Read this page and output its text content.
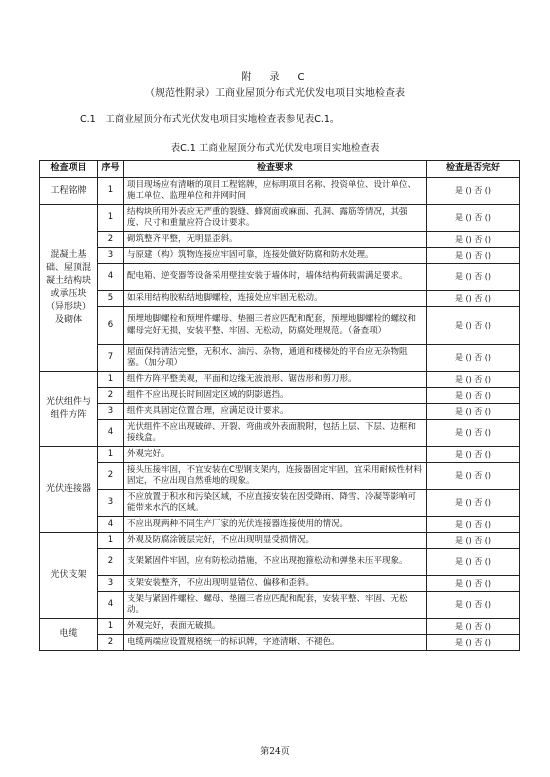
附　录　C
（规范性附录）工商业屋顶分布式光伏发电项目实地检查表
C.1　工商业屋顶分布式光伏发电项目实地检查表参见表C.1。
表C.1 工商业屋顶分布式光伏发电项目实地检查表
检查项目	序号	检查要求	检查是否完好
工程铭牌	1	项目现场应有清晰的项目工程铭牌，应标明项目名称、投资单位、设计单位、施工单位、监理单位和并网时间	是 () 否 ()
混凝土基础、屋顶混凝土结构块或承压块（异形块）及砌体	1	结构块所用外表应无严重的裂缝、蜂窝面或麻面、孔洞、露筋等情况，其强度、尺寸和重量应符合设计要求。	是 () 否 ()
	2	砌筑整齐平整，无明显歪斜。	是 () 否 ()
	3	与原建（构）筑物连接应牢固可靠，连接处做好防腐和防水处理。	是 () 否 ()
	4	配电箱、逆变器等设备采用壁挂安装于墙体时，墙体结构荷载需满足要求。	是 () 否 ()
	5	如采用结构胶粘结地脚螺栓，连接处应牢固无松动。	是 () 否 ()
	6	预埋地脚螺栓和预埋件螺母、垫圈三者应匹配和配套，预埋地脚螺栓的螺纹和螺母完好无损，安装平整、牢固、无松动，防腐处理规范。（备查项）	是 () 否 ()
	7	屋面保持清洁完整，无积水、油污、杂物，通道和楼梯处的平台应无杂物阻塞。（加分项）	是 () 否 ()
光伏组件与组件方阵	1	组件方阵平整美观，平面和边缘无波浪形、锯齿形和剪刀形。	是 () 否 ()
	2	组件不应出现长时间固定区域的阴影遮挡。	是 () 否 ()
	3	组件夹具固定位置合理，应满足设计要求。	是 () 否 ()
	4	光伏组件不应出现破碎、开裂、弯曲或外表面脱附，包括上层、下层、边框和接线盒。	是 () 否 ()
光伏连接器	1	外观完好。	是 () 否 ()
	2	接头压接牢固，不宜安装在C型钢支架内，连接器固定牢固，宜采用耐候性材料固定，不应出现自然垂地的现象。	是 () 否 ()
	3	不应放置于积水和污染区域，不应直接安装在因受降雨、降雪、冷凝等影响可能带来水汽的区域。	是 () 否 ()
	4	不应出现两种不同生产厂家的光伏连接器连接使用的情况。	是 () 否 ()
光伏支架	1	外观及防腐涂镀层完好，不应出现明显受损情况。	是 () 否 ()
	2	支架紧固件牢固，应有防松动措施，不应出现抱箍松动和弹垫未压平现象。	是 () 否 ()
	3	支架安装整齐，不应出现明显错位、偏移和歪斜。	是 () 否 ()
	4	支架与紧固件螺栓、螺母、垫圈三者应匹配和配套，安装平整、牢固、无松动。	是 () 否 ()
电缆	1	外观完好，表面无破损。	是 () 否 ()
	2	电缆两端应设置规格统一的标识牌，字迹清晰、不褪色。	是 () 否 ()
第24页
